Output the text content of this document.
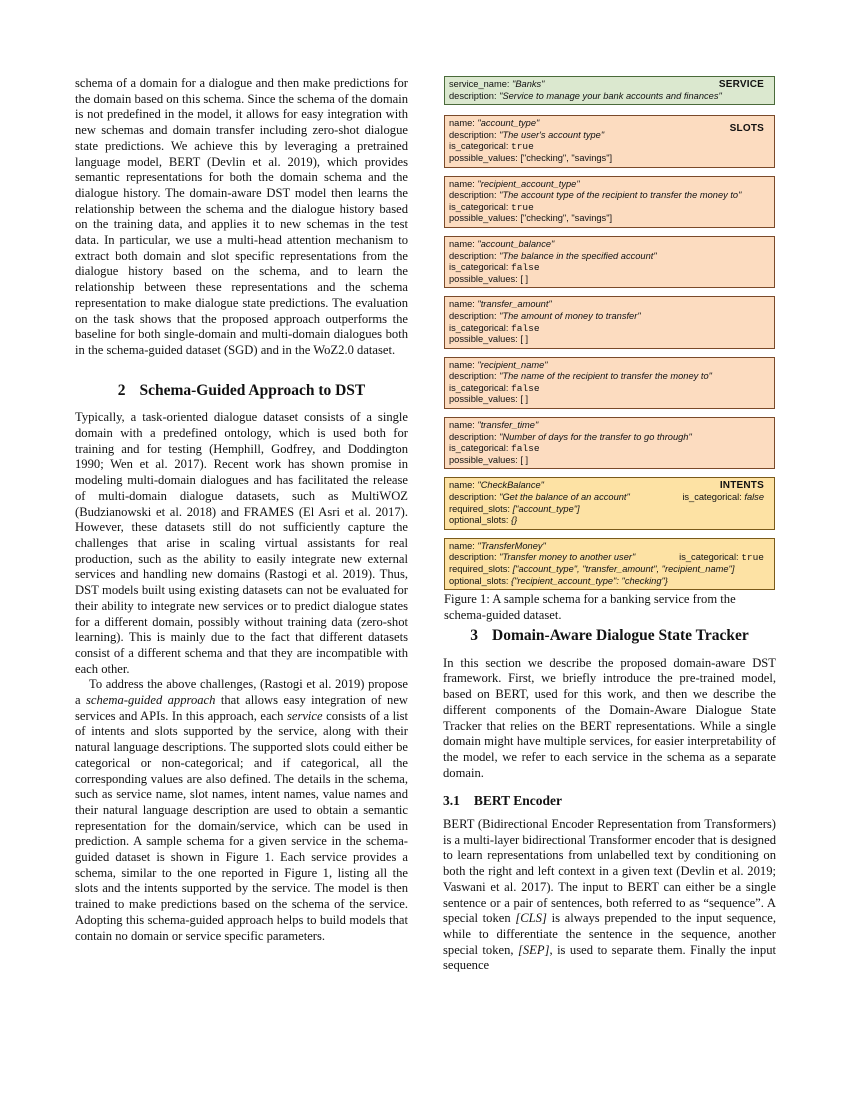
schema of a domain for a dialogue and then make predictions for the domain based on this schema. Since the schema of the domain is not predefined in the model, it allows for easy integration with new schemas and domain transfer including zero-shot dialogue state predictions. We achieve this by leveraging a pretrained language model, BERT (Devlin et al. 2019), which provides semantic representations for both the domain schema and the dialogue history. The domain-aware DST model then learns the relationship between the schema and the dialogue history based on the training data, and applies it to new schemas in the test data. In particular, we use a multi-head attention mechanism to extract both domain and slot specific representations from the dialogue history based on the schema, and to learn the relationship between these representations and the schema representation to make dialogue state predictions. The evaluation on the task shows that the proposed approach outperforms the baseline for both single-domain and multi-domain dialogues both in the schema-guided dataset (SGD) and in the WoZ2.0 dataset.

2 Schema-Guided Approach to DST

Typically, a task-oriented dialogue dataset consists of a single domain with a predefined ontology, which is used both for training and for testing (Hemphill, Godfrey, and Doddington 1990; Wen et al. 2017). Recent work has shown promise in modeling multi-domain dialogues and has facilitated the release of multi-domain dialogue datasets, such as MultiWOZ (Budzianowski et al. 2018) and FRAMES (El Asri et al. 2017). However, these datasets still do not sufficiently capture the challenges that arise in scaling virtual assistants for real production, such as the ability to easily integrate new external services and handling new domains (Rastogi et al. 2019). Thus, DST models built using existing datasets can not be evaluated for their ability to integrate new services or to predict dialogue states for a different domain, possibly without training data (zero-shot learning). This is mainly due to the fact that different datasets consist of a different schema and that they are incompatible with each other.

To address the above challenges, (Rastogi et al. 2019) propose a schema-guided approach that allows easy integration of new services and APIs. In this approach, each service consists of a list of intents and slots supported by the service, along with their natural language descriptions. The supported slots could either be categorical or non-categorical; and if categorical, all the corresponding values are also defined. The details in the schema, such as service name, slot names, intent names, value names and their natural language description are used to obtain a semantic representation for the domain/service, which can be used in prediction. A sample schema for a given service in the schema-guided dataset is shown in Figure 1. Each service provides a schema, similar to the one reported in Figure 1, listing all the slots and the intents supported by the service. The model is then trained to make predictions based on the schema of the service. Adopting this schema-guided approach helps to build models that contain no domain or service specific parameters.

SERVICE
service_name: "Banks"
description: "Service to manage your bank accounts and finances"
SLOTS
name: "account_type"
description: "The user's account type"
is_categorical: true
possible_values: ["checking", "savings"]
name: "recipient_account_type"
description: "The account type of the recipient to transfer the money to"
is_categorical: true
possible_values: ["checking", "savings"]
name: "account_balance"
description: "The balance in the specified account"
is_categorical: false
possible_values: [ ]
name: "transfer_amount"
description: "The amount of money to transfer"
is_categorical: false
possible_values: [ ]
name: "recipient_name"
description: "The name of the recipient to transfer the money to"
is_categorical: false
possible_values: [ ]
name: "transfer_time"
description: "Number of days for the transfer to go through"
is_categorical: false
possible_values: [ ]
INTENTS
name: "CheckBalance"
description: "Get the balance of an account"	is_categorical: false
required_slots: ["account_type"]
optional_slots: {}
name: "TransferMoney"
description: "Transfer money to another user"	is_categorical: true
required_slots: ["account_type", "transfer_amount", "recipient_name"]
optional_slots: {"recipient_account_type": "checking"}
Figure 1: A sample schema for a banking service from the schema-guided dataset.
3 Domain-Aware Dialogue State Tracker

In this section we describe the proposed domain-aware DST framework. First, we briefly introduce the pre-trained model, based on BERT, used for this work, and then we describe the different components of the Domain-Aware Dialogue State Tracker that relies on the BERT representations. While a single domain might have multiple services, for easier interpretability of the model, we refer to each service in the schema as a separate domain.

3.1 BERT Encoder

BERT (Bidirectional Encoder Representation from Transformers) is a multi-layer bidirectional Transformer encoder that is designed to learn representations from unlabelled text by conditioning on both the right and left context in a given text (Devlin et al. 2019; Vaswani et al. 2017). The input to BERT can either be a single sentence or a pair of sentences, both referred to as “sequence”. A special token [CLS] is always prepended to the input sequence, while to differentiate the sentence in the sequence, another special token, [SEP], is used to separate them. Finally the input sequence
